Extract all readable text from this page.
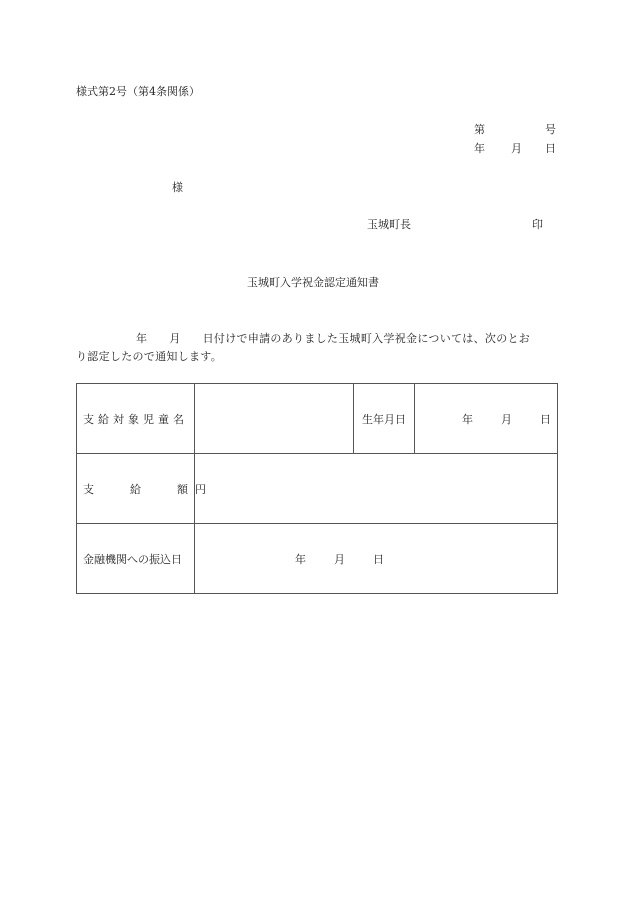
様式第2号（第4条関係）
第	号
年 月 日
様
玉城町長	印
玉城町入学祝金認定通知書
年 月 日付けで申請のありました玉城町入学祝金については、次のとお
り認定したので通知します。
支給対象児童名		生年月日	年 月 日

支 給 額	円		
金融機関への振込日	年 月 日		
